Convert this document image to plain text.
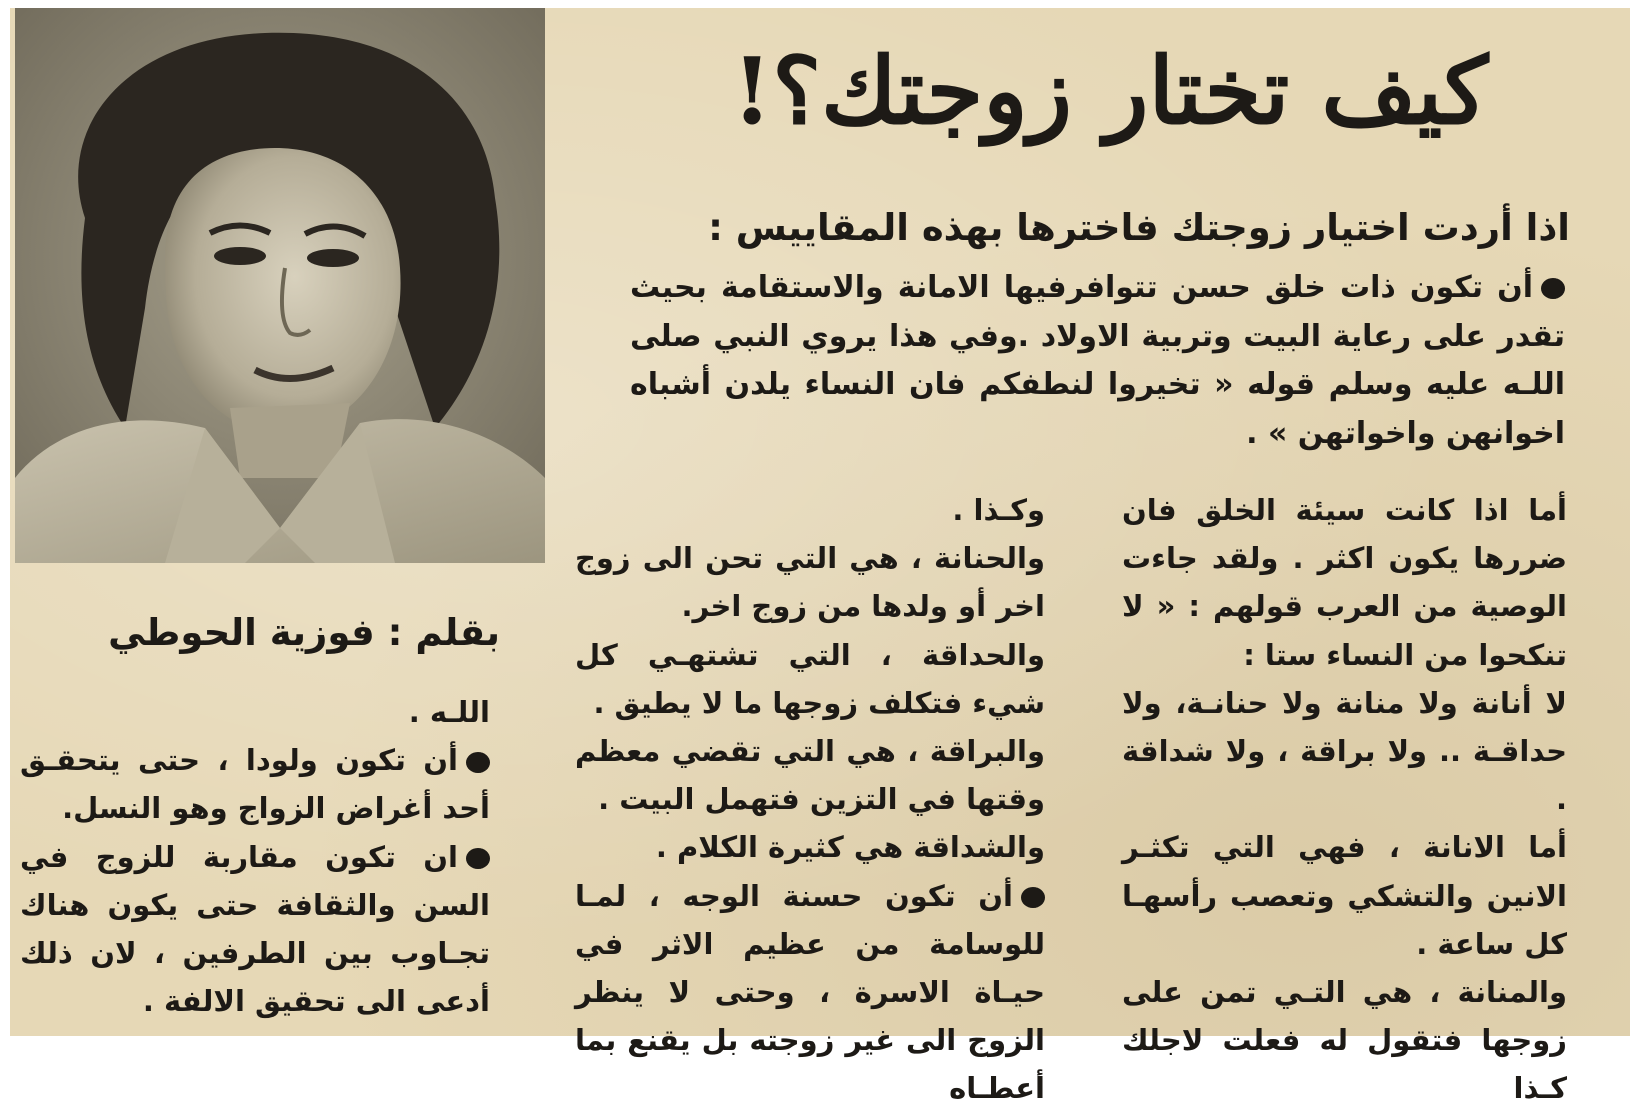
كيف تختار زوجتك؟!
اذا أردت اختيار زوجتك فاخترها بهذه المقاييس :
أن تكون ذات خلق حسن تتوافرفيها الامانة والاستقامة بحيث تقدر على رعاية البيت وتربية الاولاد .وفي هذا يروي النبي صلى اللـه عليه وسلم قوله « تخيروا لنطفكم فان النساء يلدن أشباه اخوانهن واخواتهن » .
بقلم : فوزية الحوطي

أما اذا كانت سيئة الخلق فان ضررها يكون اكثر . ولقد جاءت الوصية من العرب قولهم : « لا تنكحوا من النساء ستا :

لا أنانة ولا منانة ولا حنانـة، ولا حداقـة .. ولا براقة ، ولا شداقة .

أما الانانة ، فهي التي تكثـر الانين والتشكي وتعصب رأسهـا كل ساعة .

والمنانة ، هي التـي تمن على زوجها فتقول له فعلت لاجلك كـذا

وكـذا .

والحنانة ، هي التي تحن الى زوج اخر أو ولدها من زوج اخر.

والحداقة ، التي تشتهـي كل شيء فتكلف زوجها ما لا يطيق .

والبراقة ، هي التي تقضي معظم وقتها في التزين فتهمل البيت .

والشداقة هي كثيرة الكلام .

أن تكون حسنة الوجه ، لمـا للوسامة من عظيم الاثر في حيـاة الاسرة ، وحتى لا ينظر الزوج الى غير زوجته بل يقنع بما أعطـاه

اللـه .

أن تكون ولودا ، حتى يتحقـق أحد أغراض الزواج وهو النسل.

ان تكون مقاربة للزوج في السن والثقافة حتى يكون هناك تجـاوب بين الطرفين ، لان ذلك أدعى الى تحقيق الالفة .
